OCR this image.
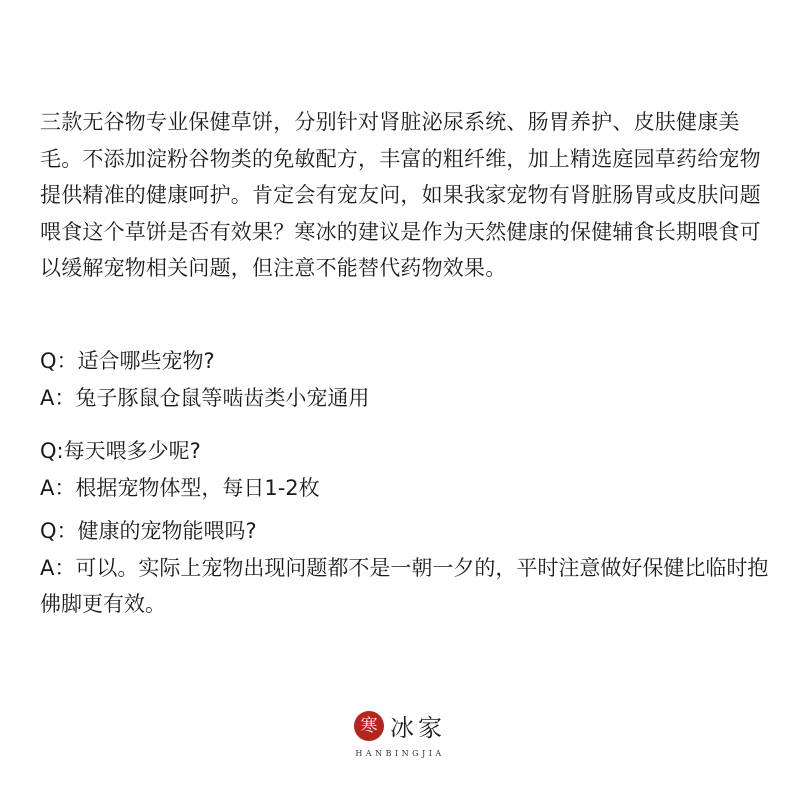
三款无谷物专业保健草饼，分别针对肾脏泌尿系统、肠胃养护、皮肤健康美毛。不添加淀粉谷物类的免敏配方，丰富的粗纤维，加上精选庭园草药给宠物提供精准的健康呵护。肯定会有宠友问，如果我家宠物有肾脏肠胃或皮肤问题喂食这个草饼是否有效果？寒冰的建议是作为天然健康的保健辅食长期喂食可以缓解宠物相关问题，但注意不能替代药物效果。

Q：适合哪些宠物?

A：兔子豚鼠仓鼠等啮齿类小宠通用

Q:每天喂多少呢?

A：根据宠物体型，每日1-2枚

Q：健康的宠物能喂吗?

A：可以。实际上宠物出现问题都不是一朝一夕的，平时注意做好保健比临时抱佛脚更有效。

寒 冰家
HANBINGJIA
